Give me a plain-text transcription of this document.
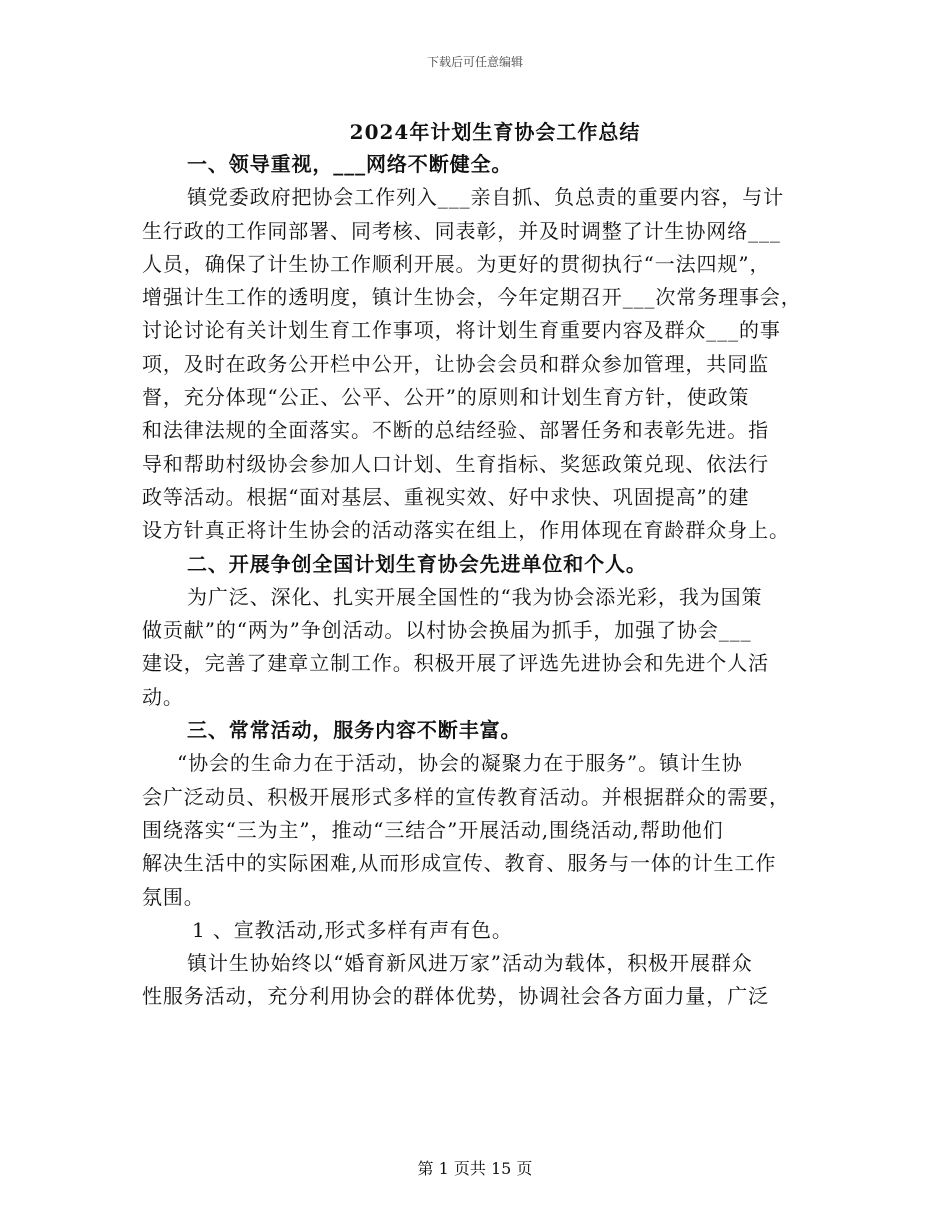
下载后可任意编辑
2024年计划生育协会工作总结
一、领导重视，___网络不断健全。
镇党委政府把协会工作列入___亲自抓、负总责的重要内容，与计
生行政的工作同部署、同考核、同表彰，并及时调整了计生协网络___
人员，确保了计生协工作顺利开展。为更好的贯彻执行“一法四规”，
增强计生工作的透明度，镇计生协会，今年定期召开___次常务理事会，
讨论讨论有关计划生育工作事项，将计划生育重要内容及群众___的事
项，及时在政务公开栏中公开，让协会会员和群众参加管理，共同监
督，充分体现“公正、公平、公开”的原则和计划生育方针，使政策
和法律法规的全面落实。不断的总结经验、部署任务和表彰先进。指
导和帮助村级协会参加人口计划、生育指标、奖惩政策兑现、依法行
政等活动。根据“面对基层、重视实效、好中求快、巩固提高”的建
设方针真正将计生协会的活动落实在组上，作用体现在育龄群众身上。
二、开展争创全国计划生育协会先进单位和个人。
为广泛、深化、扎实开展全国性的“我为协会添光彩，我为国策
做贡献”的“两为”争创活动。以村协会换届为抓手，加强了协会___
建设，完善了建章立制工作。积极开展了评选先进协会和先进个人活
动。
三、常常活动，服务内容不断丰富。
“协会的生命力在于活动，协会的凝聚力在于服务”。镇计生协
会广泛动员、积极开展形式多样的宣传教育活动。并根据群众的需要，
围绕落实“三为主”，推动“三结合”开展活动,围绕活动,帮助他们
解决生活中的实际困难,从而形成宣传、教育、服务与一体的计生工作
氛围。
1 、宣教活动,形式多样有声有色。
镇计生协始终以“婚育新风进万家”活动为载体，积极开展群众
性服务活动，充分利用协会的群体优势，协调社会各方面力量，广泛
第 1 页共 15 页
